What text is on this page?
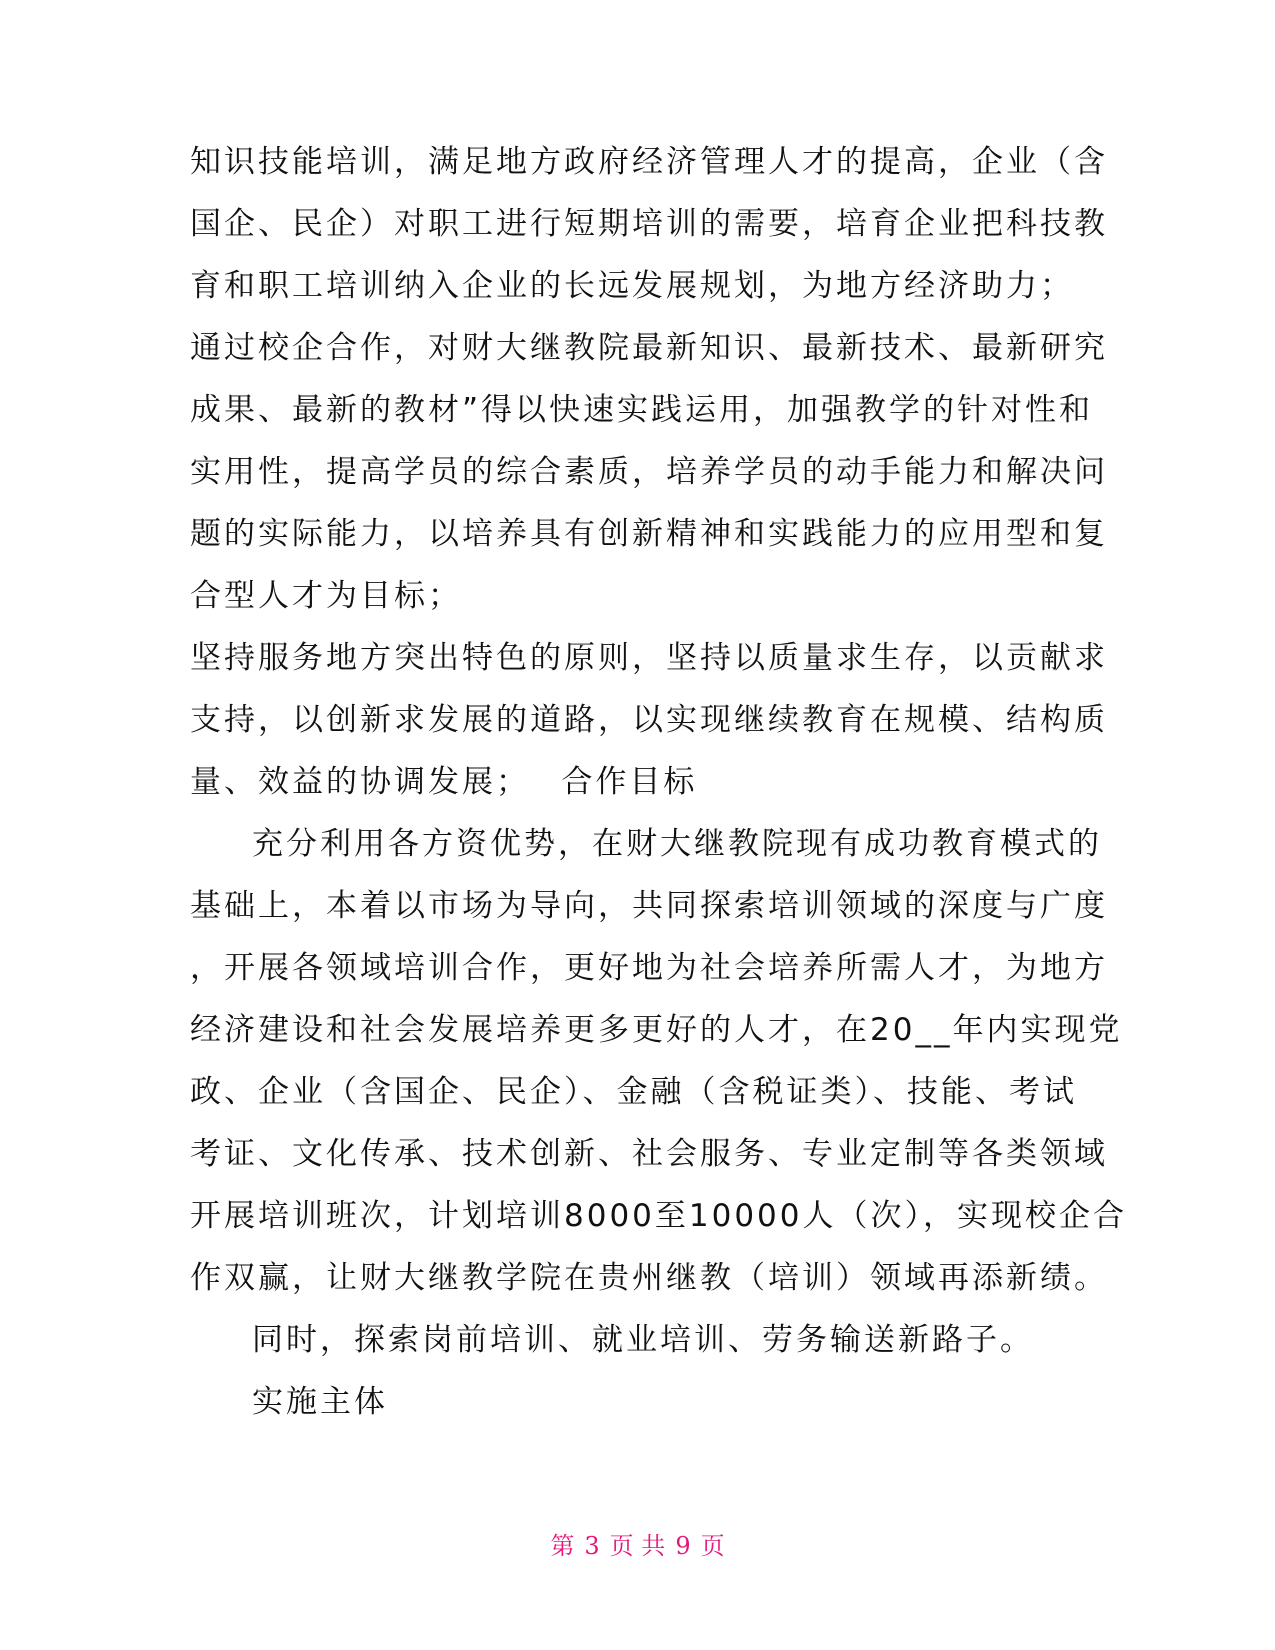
知识技能培训，满足地方政府经济管理人才的提高，企业（含
国企、民企）对职工进行短期培训的需要，培育企业把科技教
育和职工培训纳入企业的长远发展规划，为地方经济助力；
通过校企合作，对财大继教院最新知识、最新技术、最新研究
成果、最新的教材”得以快速实践运用，加强教学的针对性和
实用性，提高学员的综合素质，培养学员的动手能力和解决问
题的实际能力，以培养具有创新精神和实践能力的应用型和复
合型人才为目标；
坚持服务地方突出特色的原则，坚持以质量求生存，以贡献求
支持，以创新求发展的道路，以实现继续教育在规模、结构质
量、效益的协调发展；　 合作目标
充分利用各方资优势，在财大继教院现有成功教育模式的
基础上，本着以市场为导向，共同探索培训领域的深度与广度
，开展各领域培训合作，更好地为社会培养所需人才，为地方
经济建设和社会发展培养更多更好的人才，在20__年内实现党
政、企业（含国企、民企）、金融（含税证类）、技能、考试
考证、文化传承、技术创新、社会服务、专业定制等各类领域
开展培训班次，计划培训8000至10000人（次），实现校企合
作双赢，让财大继教学院在贵州继教（培训）领域再添新绩。
同时，探索岗前培训、就业培训、劳务输送新路子。
实施主体
第 3 页 共 9 页
